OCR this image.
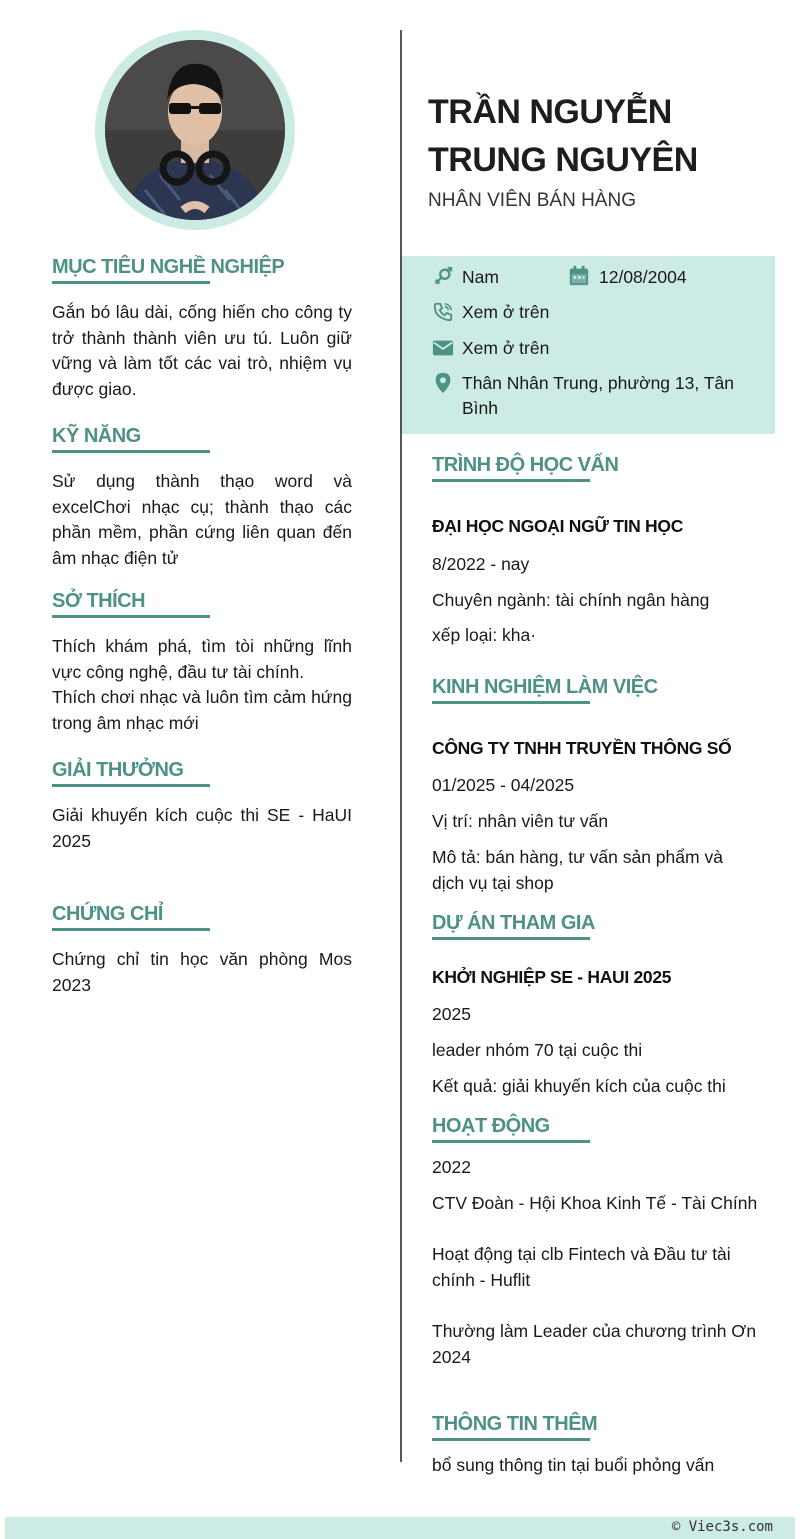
MỤC TIÊU NGHỀ NGHIỆP

Gắn bó lâu dài, cống hiến cho công ty trở thành thành viên ưu tú. Luôn giữ vững và làm tốt các vai trò, nhiệm vụ được giao.

KỸ NĂNG

Sử dụng thành thạo word và excelChơi nhạc cụ; thành thạo các phần mềm, phần cứng liên quan đến âm nhạc điện tử

SỞ THÍCH

Thích khám phá, tìm tòi những lĩnh vực công nghệ, đầu tư tài chính.

Thích chơi nhạc và luôn tìm cảm hứng trong âm nhạc mới

GIẢI THƯỞNG

Giải khuyến kích cuộc thi SE - HaUI 2025

CHỨNG CHỈ

Chứng chỉ tin học văn phòng Mos 2023

TRẦN NGUYỄN TRUNG NGUYÊN
NHÂN VIÊN BÁN HÀNG
Nam	12/08/2004
Xem ở trên
Xem ở trên
Thân Nhân Trung, phường 13, Tân Bình
TRÌNH ĐỘ HỌC VẤN
ĐẠI HỌC NGOẠI NGỮ TIN HỌC
8/2022 - nay
Chuyên ngành: tài chính ngân hàng
xếp loại: kha·
KINH NGHIỆM LÀM VIỆC
CÔNG TY TNHH TRUYỀN THÔNG SỐ
01/2025 - 04/2025
Vị trí: nhân viên tư vấn
Mô tả: bán hàng, tư vấn sản phẩm và dịch vụ tại shop
DỰ ÁN THAM GIA
KHỞI NGHIỆP SE - HAUI 2025
2025
leader nhóm 70 tại cuộc thi
Kết quả: giải khuyến kích của cuộc thi
HOẠT ĐỘNG
2022
CTV Đoàn - Hội Khoa Kinh Tế - Tài Chính
Hoạt động tại clb Fintech và Đầu tư tài chính - Huflit
Thường làm Leader của chương trình Ơn 2024
THÔNG TIN THÊM
bổ sung thông tin tại buổi phỏng vấn
© Viec3s.com
